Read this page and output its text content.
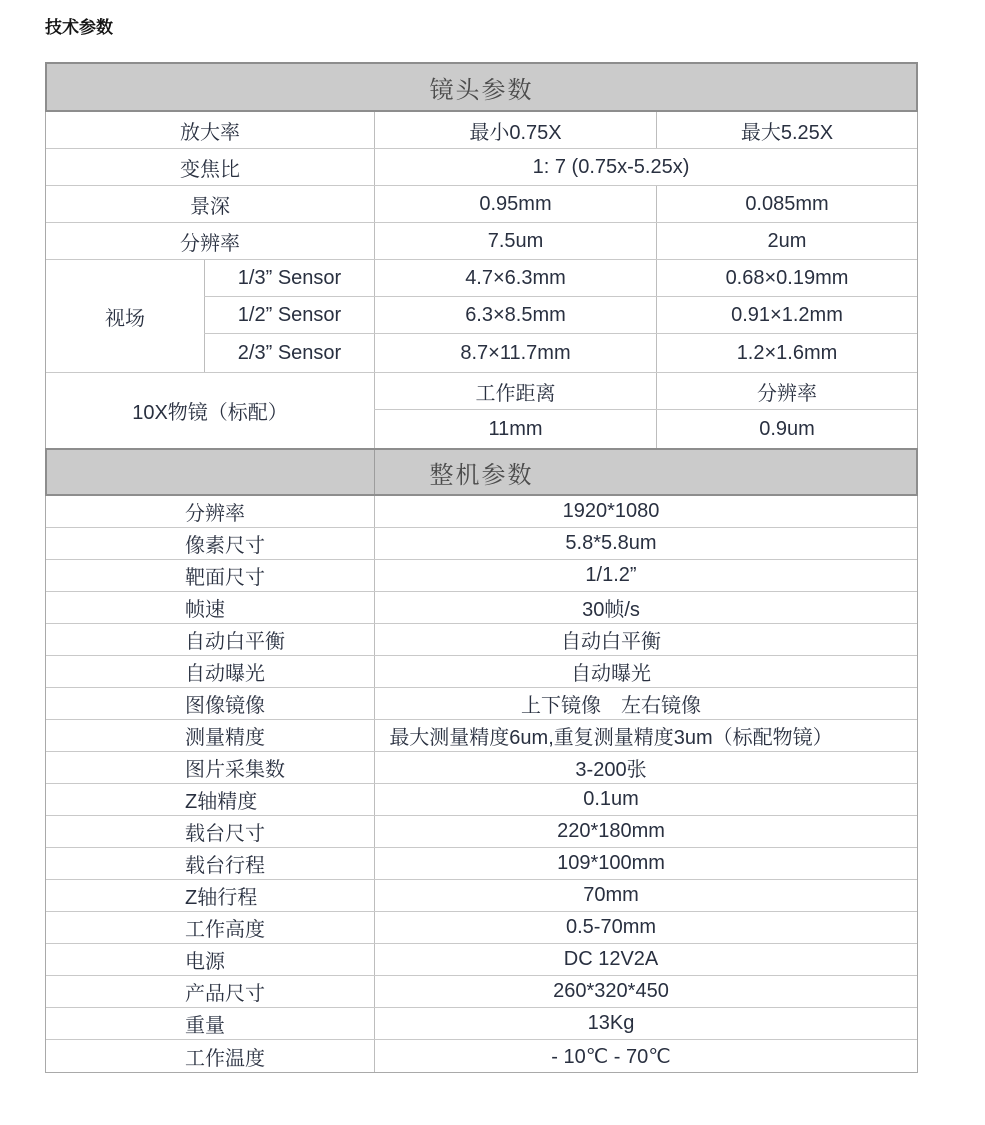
技术参数
镜头参数
放大率	最小0.75X	最大5.25X
变焦比	1: 7 (0.75x-5.25x)
景深	0.95mm	0.085mm
分辨率	7.5um	2um
视场
1/3” Sensor	4.7×6.3mm	0.68×0.19mm
1/2” Sensor	6.3×8.5mm	0.91×1.2mm
2/3” Sensor	8.7×11.7mm	1.2×1.6mm
10X物镜（标配）
工作距离	分辨率
11mm	0.9um
整机参数
分辨率	1920*1080
像素尺寸	5.8*5.8um
靶面尺寸	1/1.2”
帧速	30帧/s
自动白平衡	自动白平衡
自动曝光	自动曝光
图像镜像	上下镜像　左右镜像
测量精度	最大测量精度6um,重复测量精度3um（标配物镜）
图片采集数	3-200张
Z轴精度	0.1um
载台尺寸	220*180mm
载台行程	109*100mm
Z轴行程	70mm
工作高度	0.5-70mm
电源	DC 12V2A
产品尺寸	260*320*450
重量	13Kg
工作温度	- 10℃ - 70℃
